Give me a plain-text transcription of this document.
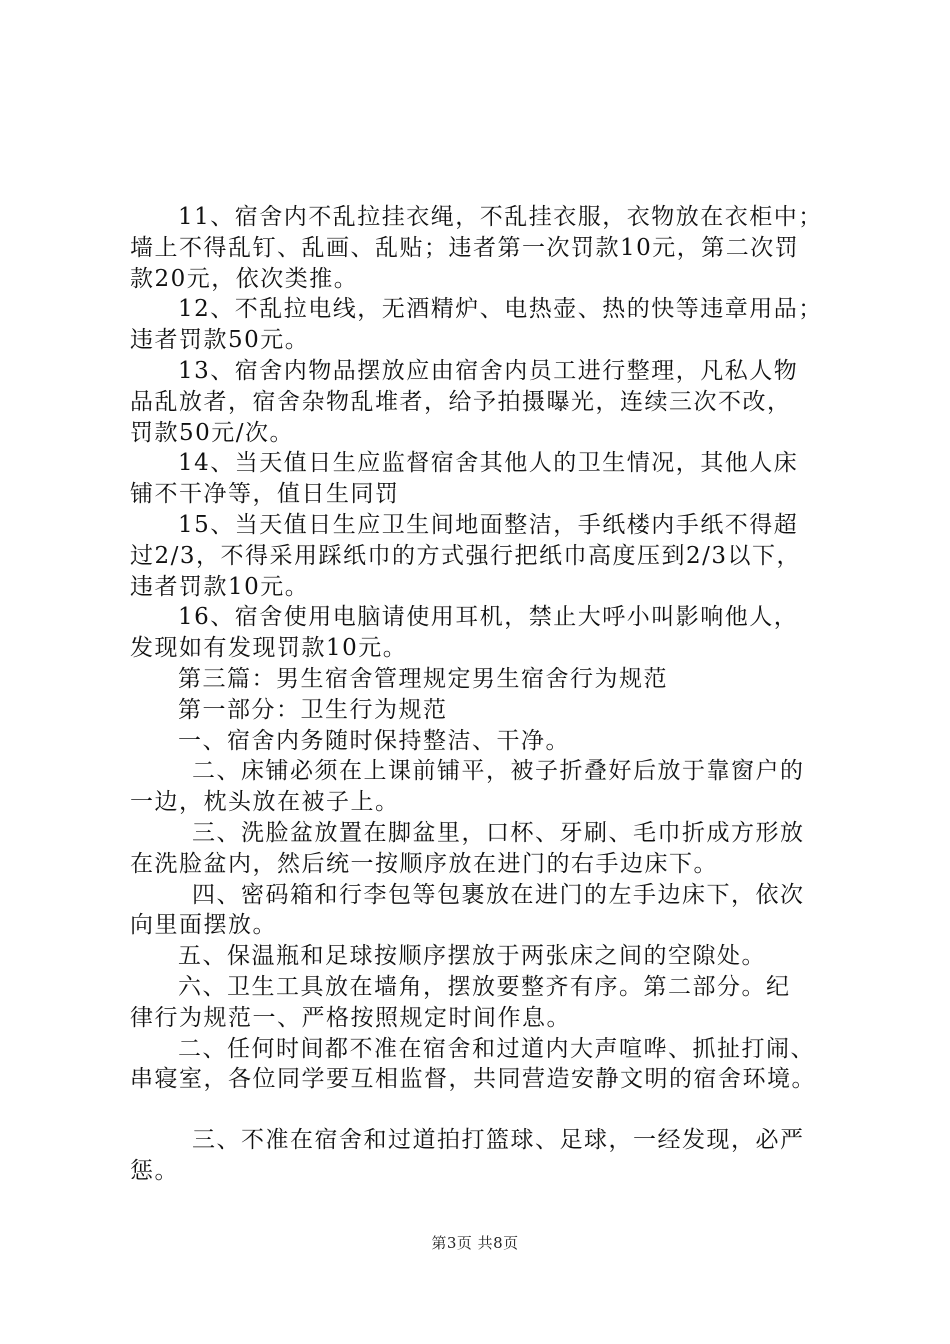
11、宿舍内不乱拉挂衣绳，不乱挂衣服，衣物放在衣柜中；
墙上不得乱钉、乱画、乱贴；违者第一次罚款10元，第二次罚
款20元，依次类推。
12、不乱拉电线，无酒精炉、电热壶、热的快等违章用品；
违者罚款50元。
13、宿舍内物品摆放应由宿舍内员工进行整理，凡私人物
品乱放者，宿舍杂物乱堆者，给予拍摄曝光，连续三次不改，
罚款50元/次。
14、当天值日生应监督宿舍其他人的卫生情况，其他人床
铺不干净等，值日生同罚
15、当天值日生应卫生间地面整洁，手纸楼内手纸不得超
过2/3，不得采用踩纸巾的方式强行把纸巾高度压到2/3以下，
违者罚款10元。
16、宿舍使用电脑请使用耳机，禁止大呼小叫影响他人，
发现如有发现罚款10元。
第三篇：男生宿舍管理规定男生宿舍行为规范
第一部分：卫生行为规范
一、宿舍内务随时保持整洁、干净。
二、床铺必须在上课前铺平，被子折叠好后放于靠窗户的
一边，枕头放在被子上。
三、洗脸盆放置在脚盆里，口杯、牙刷、毛巾折成方形放
在洗脸盆内，然后统一按顺序放在进门的右手边床下。
四、密码箱和行李包等包裹放在进门的左手边床下，依次
向里面摆放。
五、保温瓶和足球按顺序摆放于两张床之间的空隙处。
六、卫生工具放在墙角，摆放要整齐有序。第二部分。纪
律行为规范一、严格按照规定时间作息。
二、任何时间都不准在宿舍和过道内大声喧哗、抓扯打闹、
串寝室，各位同学要互相监督，共同营造安静文明的宿舍环境。
三、不准在宿舍和过道拍打篮球、足球，一经发现，必严
惩。
第3页 共8页
